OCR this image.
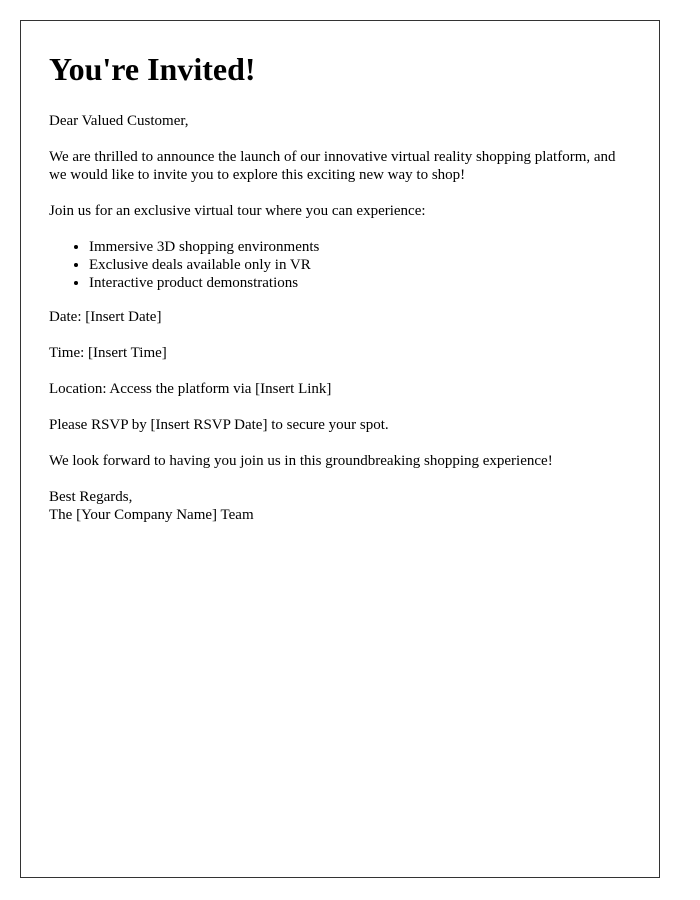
You're Invited!

Dear Valued Customer,

We are thrilled to announce the launch of our innovative virtual reality shopping platform, and we would like to invite you to explore this exciting new way to shop!

Join us for an exclusive virtual tour where you can experience:

• Immersive 3D shopping environments
• Exclusive deals available only in VR
• Interactive product demonstrations

Date: [Insert Date]

Time: [Insert Time]

Location: Access the platform via [Insert Link]

Please RSVP by [Insert RSVP Date] to secure your spot.

We look forward to having you join us in this groundbreaking shopping experience!

Best Regards,
The [Your Company Name] Team
